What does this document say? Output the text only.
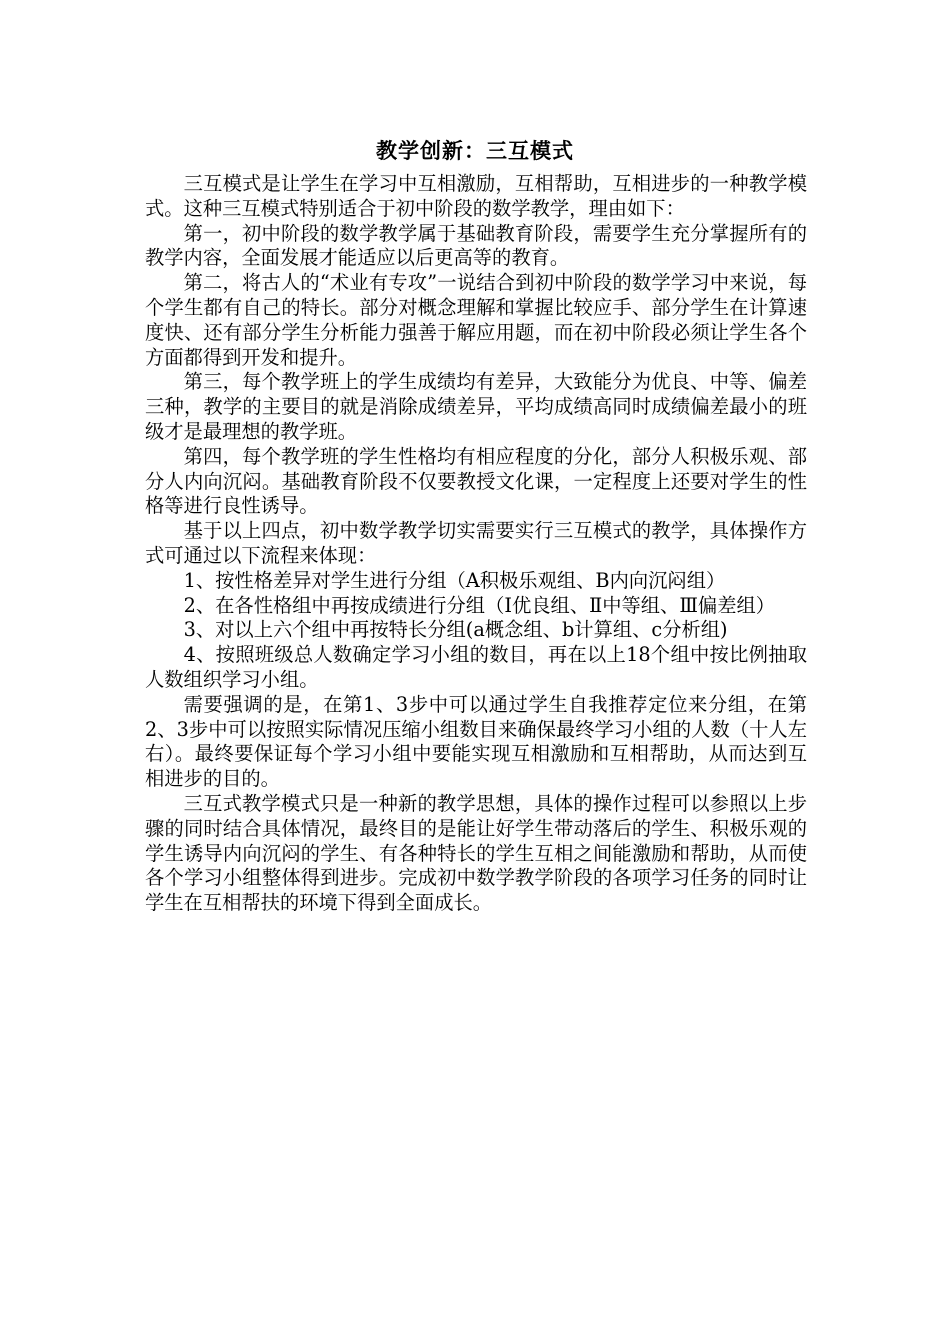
教学创新：三互模式

三互模式是让学生在学习中互相激励，互相帮助，互相进步的一种教学模式。这种三互模式特别适合于初中阶段的数学教学，理由如下：

第一，初中阶段的数学教学属于基础教育阶段，需要学生充分掌握所有的教学内容，全面发展才能适应以后更高等的教育。

第二，将古人的“术业有专攻”一说结合到初中阶段的数学学习中来说，每个学生都有自己的特长。部分对概念理解和掌握比较应手、部分学生在计算速度快、还有部分学生分析能力强善于解应用题，而在初中阶段必须让学生各个方面都得到开发和提升。

第三，每个教学班上的学生成绩均有差异，大致能分为优良、中等、偏差三种，教学的主要目的就是消除成绩差异，平均成绩高同时成绩偏差最小的班级才是最理想的教学班。

第四，每个教学班的学生性格均有相应程度的分化，部分人积极乐观、部分人内向沉闷。基础教育阶段不仅要教授文化课，一定程度上还要对学生的性格等进行良性诱导。

基于以上四点，初中数学教学切实需要实行三互模式的教学，具体操作方式可通过以下流程来体现：

1、按性格差异对学生进行分组（A积极乐观组、B内向沉闷组）

2、在各性格组中再按成绩进行分组（Ⅰ优良组、Ⅱ中等组、Ⅲ偏差组）

3、对以上六个组中再按特长分组(a概念组、b计算组、c分析组)

4、按照班级总人数确定学习小组的数目，再在以上18个组中按比例抽取人数组织学习小组。

需要强调的是，在第1、3步中可以通过学生自我推荐定位来分组，在第2、3步中可以按照实际情况压缩小组数目来确保最终学习小组的人数（十人左右）。最终要保证每个学习小组中要能实现互相激励和互相帮助，从而达到互相进步的目的。

三互式教学模式只是一种新的教学思想，具体的操作过程可以参照以上步骤的同时结合具体情况，最终目的是能让好学生带动落后的学生、积极乐观的学生诱导内向沉闷的学生、有各种特长的学生互相之间能激励和帮助，从而使各个学习小组整体得到进步。完成初中数学教学阶段的各项学习任务的同时让学生在互相帮扶的环境下得到全面成长。
